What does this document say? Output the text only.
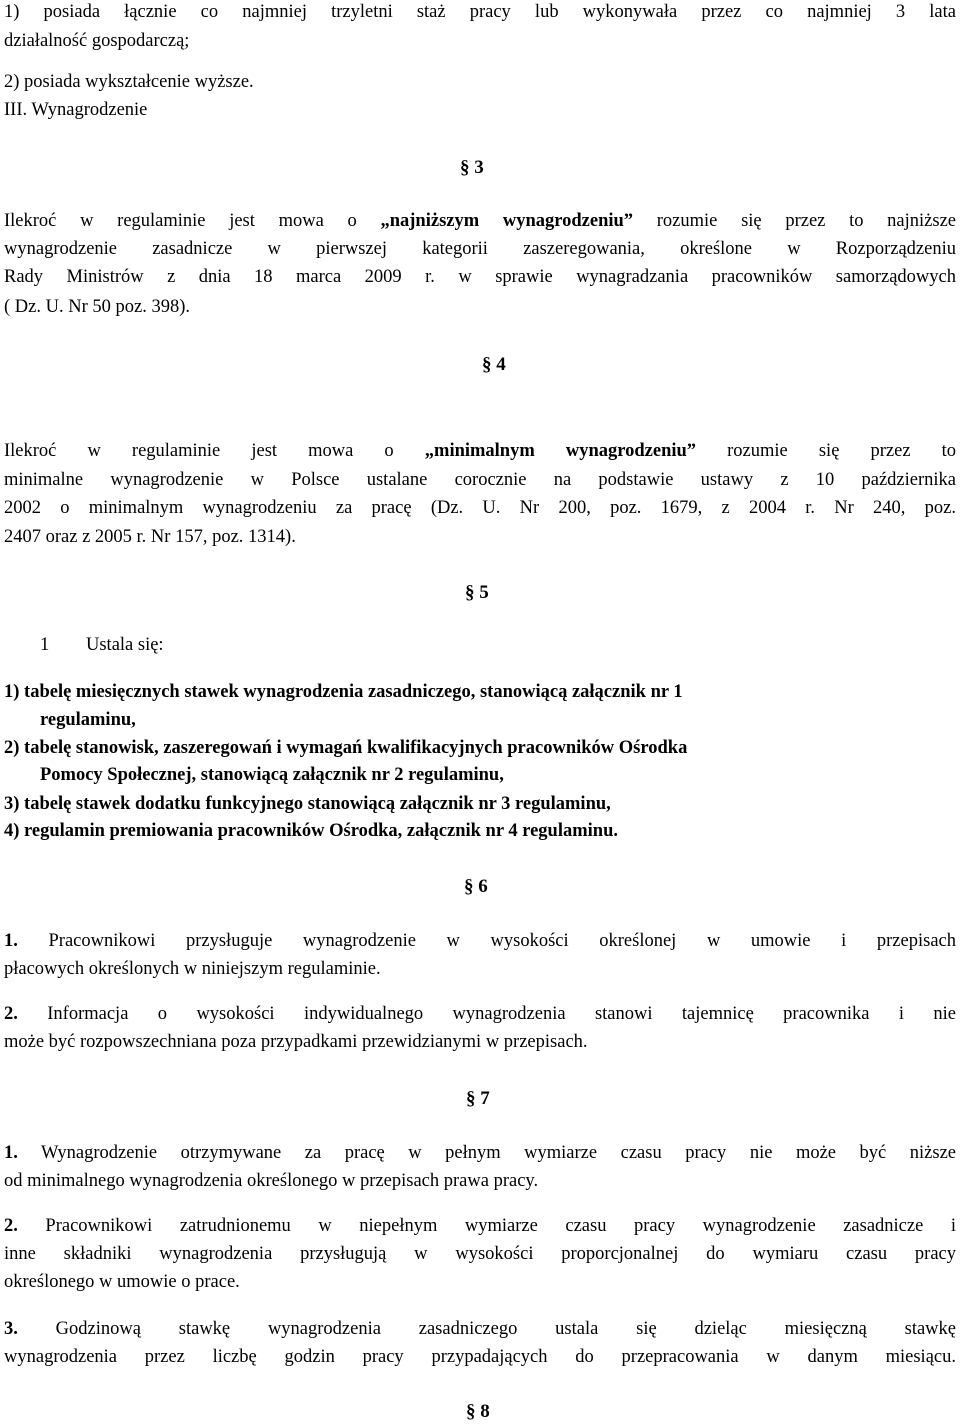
1) posiada łącznie co najmniej trzyletni staż pracy lub wykonywała przez co najmniej 3 lata
działalność gospodarczą;
2) posiada wykształcenie wyższe.
III. Wynagrodzenie
§ 3
Ilekroć w regulaminie jest mowa o „najniższym wynagrodzeniu” rozumie się przez to najniższe
wynagrodzenie zasadnicze w pierwszej kategorii zaszeregowania, określone w Rozporządzeniu
Rady Ministrów z dnia 18 marca 2009 r. w sprawie wynagradzania pracowników samorządowych
( Dz. U. Nr 50 poz. 398).
§ 4
Ilekroć w regulaminie jest mowa o „minimalnym wynagrodzeniu” rozumie się przez to
minimalne wynagrodzenie w Polsce ustalane corocznie na podstawie ustawy z 10 października
2002 o minimalnym wynagrodzeniu za pracę (Dz. U. Nr 200, poz. 1679, z 2004 r. Nr 240, poz.
2407 oraz z 2005 r. Nr 157, poz. 1314).
§ 5
1 Ustala się:
1) tabelę miesięcznych stawek wynagrodzenia zasadniczego, stanowiącą załącznik nr 1
regulaminu,
2) tabelę stanowisk, zaszeregowań i wymagań kwalifikacyjnych pracowników Ośrodka
Pomocy Społecznej, stanowiącą załącznik nr 2 regulaminu,
3) tabelę stawek dodatku funkcyjnego stanowiącą załącznik nr 3 regulaminu,
4) regulamin premiowania pracowników Ośrodka, załącznik nr 4 regulaminu.
§ 6
1. Pracownikowi przysługuje wynagrodzenie w wysokości określonej w umowie i przepisach
płacowych określonych w niniejszym regulaminie.
2. Informacja o wysokości indywidualnego wynagrodzenia stanowi tajemnicę pracownika i nie
może być rozpowszechniana poza przypadkami przewidzianymi w przepisach.
§ 7
1. Wynagrodzenie otrzymywane za pracę w pełnym wymiarze czasu pracy nie może być niższe
od minimalnego wynagrodzenia określonego w przepisach prawa pracy.
2. Pracownikowi zatrudnionemu w niepełnym wymiarze czasu pracy wynagrodzenie zasadnicze i
inne składniki wynagrodzenia przysługują w wysokości proporcjonalnej do wymiaru czasu pracy
określonego w umowie o prace.
3. Godzinową stawkę wynagrodzenia zasadniczego ustala się dzieląc miesięczną stawkę
wynagrodzenia przez liczbę godzin pracy przypadających do przepracowania w danym miesiącu.
§ 8
